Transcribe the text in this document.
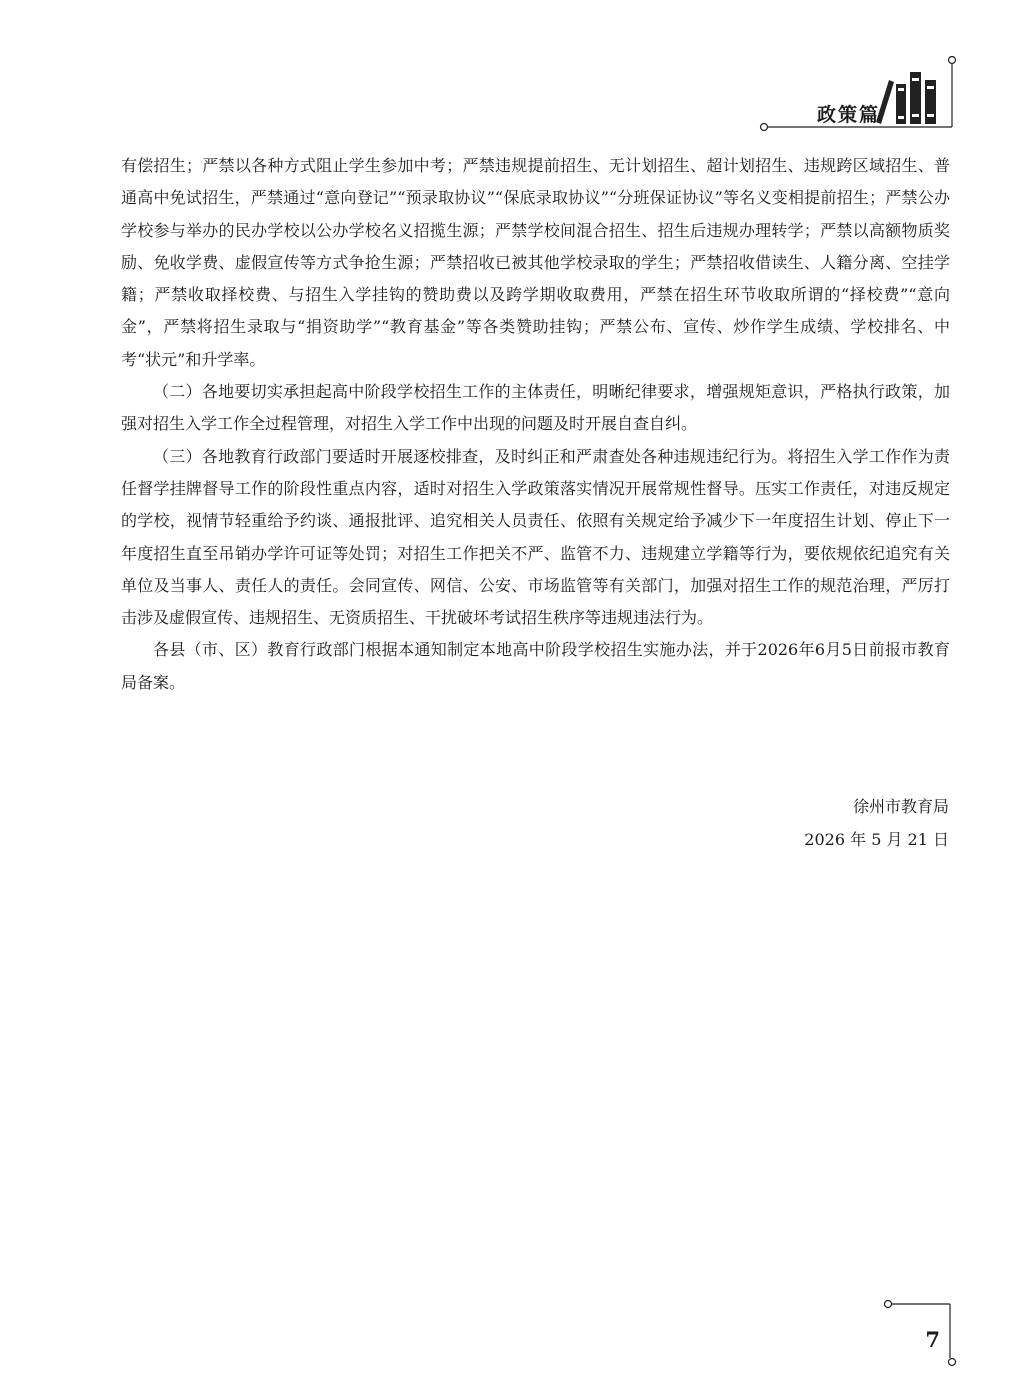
政策篇

有偿招生；严禁以各种方式阻止学生参加中考；严禁违规提前招生、无计划招生、超计划招生、违规跨区域招生、普通高中免试招生，严禁通过“意向登记”“预录取协议”“保底录取协议”“分班保证协议”等名义变相提前招生；严禁公办学校参与举办的民办学校以公办学校名义招揽生源；严禁学校间混合招生、招生后违规办理转学；严禁以高额物质奖励、免收学费、虚假宣传等方式争抢生源；严禁招收已被其他学校录取的学生；严禁招收借读生、人籍分离、空挂学籍；严禁收取择校费、与招生入学挂钩的赞助费以及跨学期收取费用，严禁在招生环节收取所谓的“择校费”“意向金”，严禁将招生录取与“捐资助学”“教育基金”等各类赞助挂钩；严禁公布、宣传、炒作学生成绩、学校排名、中考“状元”和升学率。

（二）各地要切实承担起高中阶段学校招生工作的主体责任，明晰纪律要求，增强规矩意识，严格执行政策，加强对招生入学工作全过程管理，对招生入学工作中出现的问题及时开展自查自纠。

（三）各地教育行政部门要适时开展逐校排查，及时纠正和严肃查处各种违规违纪行为。将招生入学工作作为责任督学挂牌督导工作的阶段性重点内容，适时对招生入学政策落实情况开展常规性督导。压实工作责任，对违反规定的学校，视情节轻重给予约谈、通报批评、追究相关人员责任、依照有关规定给予减少下一年度招生计划、停止下一年度招生直至吊销办学许可证等处罚；对招生工作把关不严、监管不力、违规建立学籍等行为，要依规依纪追究有关单位及当事人、责任人的责任。会同宣传、网信、公安、市场监管等有关部门，加强对招生工作的规范治理，严厉打击涉及虚假宣传、违规招生、无资质招生、干扰破坏考试招生秩序等违规违法行为。

各县（市、区）教育行政部门根据本通知制定本地高中阶段学校招生实施办法，并于2026年6月5日前报市教育局备案。

徐州市教育局
2026 年 5 月 21 日
7
